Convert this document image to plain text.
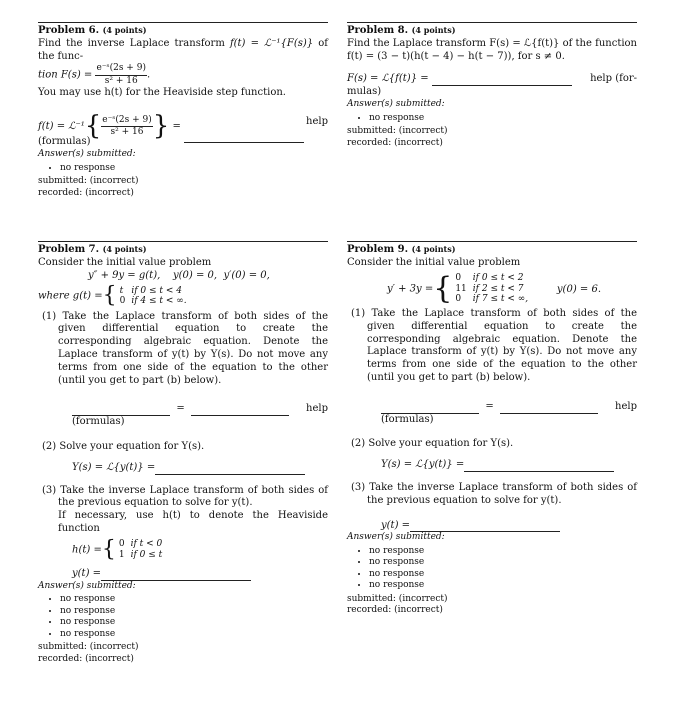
Problem 6. (4 points)
Find the inverse Laplace transform f(t) = ℒ⁻¹{F(s)} of the func-
tion $F(s) = \frac{\text{e⁻ˢ(2s + 9)}}{\text{s² + 16}}$ .
You may use h(t) for the Heaviside step function.
f(t) = ℒ⁻¹{ $\frac{\text{e⁻ˢ(2s + 9)}}{\text{s² + 16}}$ } =	help
(formulas)
Answer(s) submitted:
• no response
submitted: (incorrect)
recorded: (incorrect)
Problem 8. (4 points)
Find the Laplace transform F(s) = ℒ{f(t)} of the function f(t) = (3 − t)(h(t − 4) − h(t − 7)), for s ≠ 0.
F(s) = ℒ{f(t)} =	help (for-
mulas)
Answer(s) submitted:
• no response
submitted: (incorrect)
recorded: (incorrect)
Problem 7. (4 points)
Consider the initial value problem
y″ + 9y = g(t), y(0) = 0, y′(0) = 0,
where g(t) ={ t	if 0 ≤ t < 4
0	if 4 ≤ t < ∞.
(1) Take the Laplace transform of both sides of the given differential equation to create the corresponding algebraic equation. Denote the Laplace transform of y(t) by Y(s). Do not move any terms from one side of the equation to the other (until you get to part (b) below).
=	help
(formulas)
(2) Solve your equation for Y(s).
Y(s) = ℒ{y(t)} =
(3) Take the inverse Laplace transform of both sides of the previous equation to solve for y(t).
If necessary, use h(t) to denote the Heaviside function
h(t) ={ 0	if t < 0
1	if 0 ≤ t
y(t) =
Answer(s) submitted:
• no response
• no response
• no response
• no response
submitted: (incorrect)
recorded: (incorrect)
Problem 9. (4 points)
Consider the initial value problem
y′ + 3y ={ 0	if 0 ≤ t < 2
11	if 2 ≤ t < 7
0	if 7 ≤ t < ∞,
y(0) = 6.
(1) Take the Laplace transform of both sides of the given differential equation to create the corresponding algebraic equation. Denote the Laplace transform of y(t) by Y(s). Do not move any terms from one side of the equation to the other (until you get to part (b) below).
=	help
(formulas)
(2) Solve your equation for Y(s).
Y(s) = ℒ{y(t)} =
(3) Take the inverse Laplace transform of both sides of the previous equation to solve for y(t).
y(t) =
Answer(s) submitted:
• no response
• no response
• no response
• no response
submitted: (incorrect)
recorded: (incorrect)
